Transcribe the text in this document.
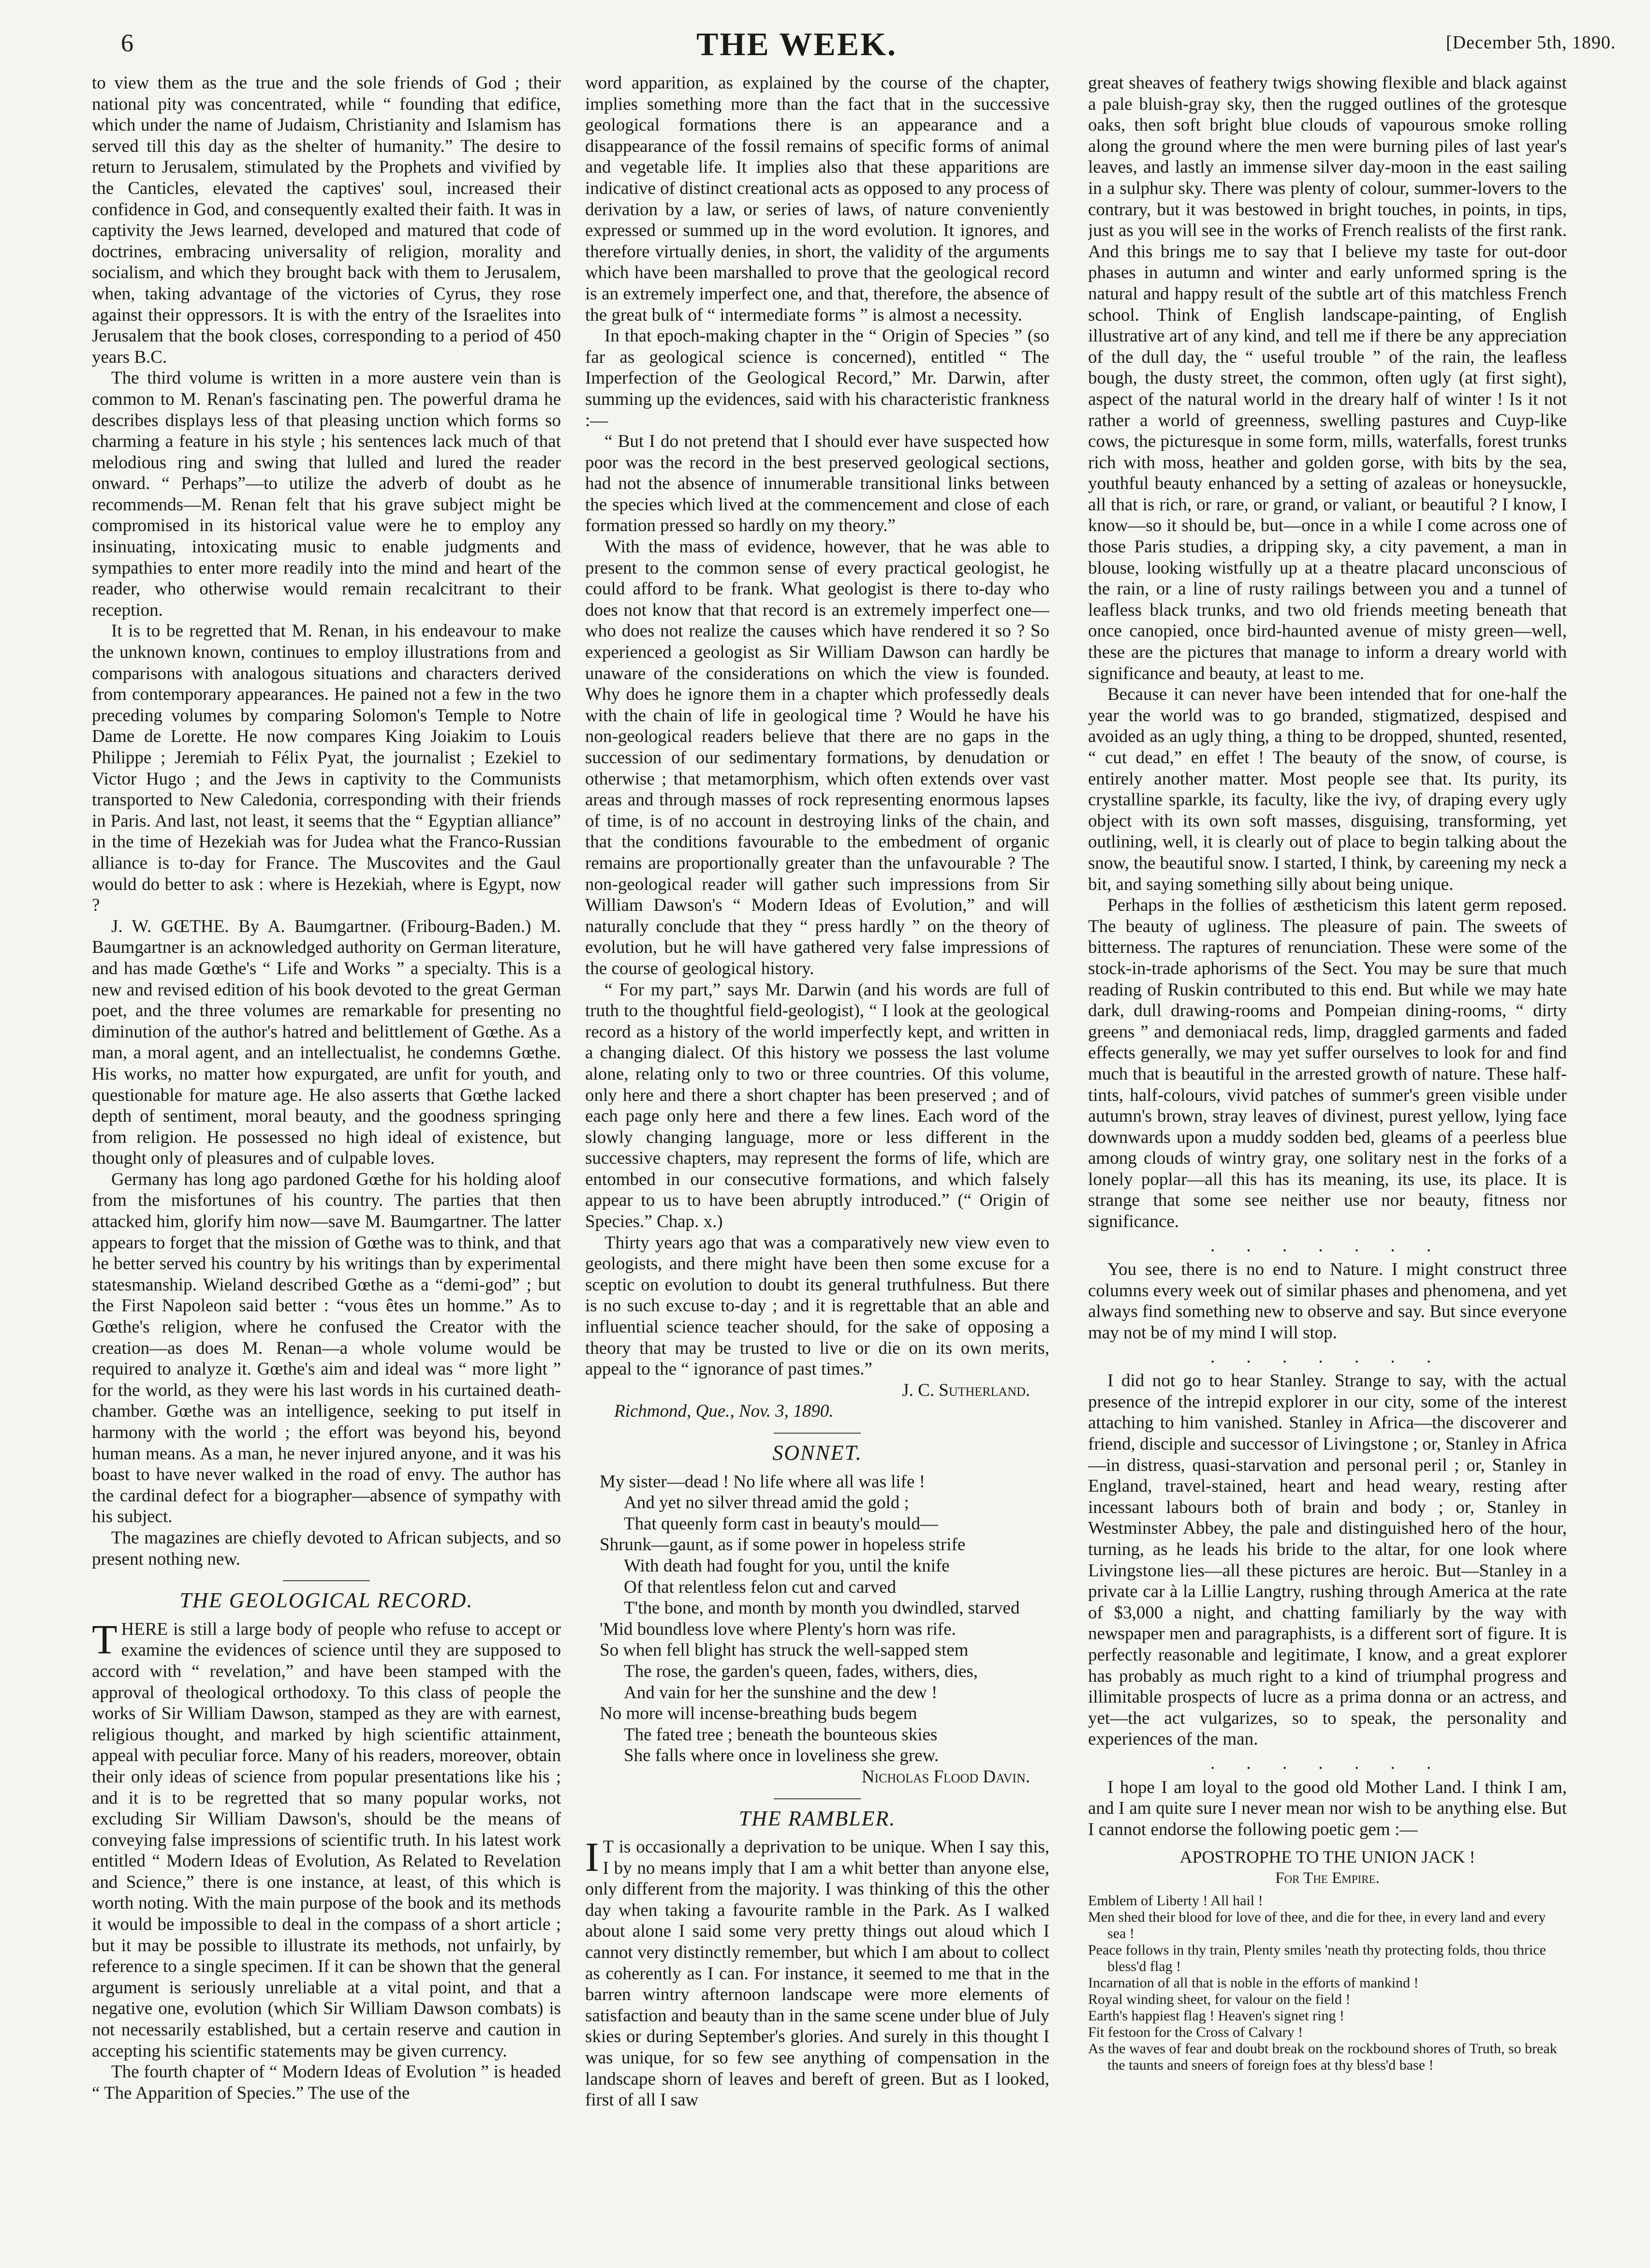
6	THE WEEK.	[December 5th, 1890.

to view them as the true and the sole friends of God ; their national pity was concentrated, while “ founding that edifice, which under the name of Judaism, Christianity and Islamism has served till this day as the shelter of humanity.” The desire to return to Jerusalem, stimulated by the Prophets and vivified by the Canticles, elevated the captives' soul, increased their confidence in God, and consequently exalted their faith. It was in captivity the Jews learned, developed and matured that code of doctrines, embracing universality of religion, morality and socialism, and which they brought back with them to Jerusalem, when, taking advantage of the victories of Cyrus, they rose against their oppressors. It is with the entry of the Israelites into Jerusalem that the book closes, corresponding to a period of 450 years B.C.

The third volume is written in a more austere vein than is common to M. Renan's fascinating pen. The powerful drama he describes displays less of that pleasing unction which forms so charming a feature in his style ; his sentences lack much of that melodious ring and swing that lulled and lured the reader onward. “ Perhaps”—to utilize the adverb of doubt as he recommends—M. Renan felt that his grave subject might be compromised in its historical value were he to employ any insinuating, intoxicating music to enable judgments and sympathies to enter more readily into the mind and heart of the reader, who otherwise would remain recalcitrant to their reception.

It is to be regretted that M. Renan, in his endeavour to make the unknown known, continues to employ illustrations from and comparisons with analogous situations and characters derived from contemporary appearances. He pained not a few in the two preceding volumes by comparing Solomon's Temple to Notre Dame de Lorette. He now compares King Joiakim to Louis Philippe ; Jeremiah to Félix Pyat, the journalist ; Ezekiel to Victor Hugo ; and the Jews in captivity to the Communists transported to New Caledonia, corresponding with their friends in Paris. And last, not least, it seems that the “ Egyptian alliance” in the time of Hezekiah was for Judea what the Franco-Russian alliance is to-day for France. The Muscovites and the Gaul would do better to ask : where is Hezekiah, where is Egypt, now ?

J. W. GŒTHE. By A. Baumgartner. (Fribourg-Baden.) M. Baumgartner is an acknowledged authority on German literature, and has made Gœthe's “ Life and Works ” a specialty. This is a new and revised edition of his book devoted to the great German poet, and the three volumes are remarkable for presenting no diminution of the author's hatred and belittlement of Gœthe. As a man, a moral agent, and an intellectualist, he condemns Gœthe. His works, no matter how expurgated, are unfit for youth, and questionable for mature age. He also asserts that Gœthe lacked depth of sentiment, moral beauty, and the goodness springing from religion. He possessed no high ideal of existence, but thought only of pleasures and of culpable loves.

Germany has long ago pardoned Gœthe for his holding aloof from the misfortunes of his country. The parties that then attacked him, glorify him now—save M. Baumgartner. The latter appears to forget that the mission of Gœthe was to think, and that he better served his country by his writings than by experimental statesmanship. Wieland described Gœthe as a “demi-god” ; but the First Napoleon said better : “vous êtes un homme.” As to Gœthe's religion, where he confused the Creator with the creation—as does M. Renan—a whole volume would be required to analyze it. Gœthe's aim and ideal was “ more light ” for the world, as they were his last words in his curtained death-chamber. Gœthe was an intelligence, seeking to put itself in harmony with the world ; the effort was beyond his, beyond human means. As a man, he never injured anyone, and it was his boast to have never walked in the road of envy. The author has the cardinal defect for a biographer—absence of sympathy with his subject.

The magazines are chiefly devoted to African subjects, and so present nothing new.

THE GEOLOGICAL RECORD.

THERE is still a large body of people who refuse to accept or examine the evidences of science until they are supposed to accord with “ revelation,” and have been stamped with the approval of theological orthodoxy. To this class of people the works of Sir William Dawson, stamped as they are with earnest, religious thought, and marked by high scientific attainment, appeal with peculiar force. Many of his readers, moreover, obtain their only ideas of science from popular presentations like his ; and it is to be regretted that so many popular works, not excluding Sir William Dawson's, should be the means of conveying false impressions of scientific truth. In his latest work entitled “ Modern Ideas of Evolution, As Related to Revelation and Science,” there is one instance, at least, of this which is worth noting. With the main purpose of the book and its methods it would be impossible to deal in the compass of a short article ; but it may be possible to illustrate its methods, not unfairly, by reference to a single specimen. If it can be shown that the general argument is seriously unreliable at a vital point, and that a negative one, evolution (which Sir William Dawson combats) is not necessarily established, but a certain reserve and caution in accepting his scientific statements may be given currency.

The fourth chapter of “ Modern Ideas of Evolution ” is headed “ The Apparition of Species.” The use of the

word apparition, as explained by the course of the chapter, implies something more than the fact that in the successive geological formations there is an appearance and a disappearance of the fossil remains of specific forms of animal and vegetable life. It implies also that these apparitions are indicative of distinct creational acts as opposed to any process of derivation by a law, or series of laws, of nature conveniently expressed or summed up in the word evolution. It ignores, and therefore virtually denies, in short, the validity of the arguments which have been marshalled to prove that the geological record is an extremely imperfect one, and that, therefore, the absence of the great bulk of “ intermediate forms ” is almost a necessity.

In that epoch-making chapter in the “ Origin of Species ” (so far as geological science is concerned), entitled “ The Imperfection of the Geological Record,” Mr. Darwin, after summing up the evidences, said with his characteristic frankness :—

“ But I do not pretend that I should ever have suspected how poor was the record in the best preserved geological sections, had not the absence of innumerable transitional links between the species which lived at the commencement and close of each formation pressed so hardly on my theory.”

With the mass of evidence, however, that he was able to present to the common sense of every practical geologist, he could afford to be frank. What geologist is there to-day who does not know that that record is an extremely imperfect one—who does not realize the causes which have rendered it so ? So experienced a geologist as Sir William Dawson can hardly be unaware of the considerations on which the view is founded. Why does he ignore them in a chapter which professedly deals with the chain of life in geological time ? Would he have his non-geological readers believe that there are no gaps in the succession of our sedimentary formations, by denudation or otherwise ; that metamorphism, which often extends over vast areas and through masses of rock representing enormous lapses of time, is of no account in destroying links of the chain, and that the conditions favourable to the embedment of organic remains are proportionally greater than the unfavourable ? The non-geological reader will gather such impressions from Sir William Dawson's “ Modern Ideas of Evolution,” and will naturally conclude that they “ press hardly ” on the theory of evolution, but he will have gathered very false impressions of the course of geological history.

“ For my part,” says Mr. Darwin (and his words are full of truth to the thoughtful field-geologist), “ I look at the geological record as a history of the world imperfectly kept, and written in a changing dialect. Of this history we possess the last volume alone, relating only to two or three countries. Of this volume, only here and there a short chapter has been preserved ; and of each page only here and there a few lines. Each word of the slowly changing language, more or less different in the successive chapters, may represent the forms of life, which are entombed in our consecutive formations, and which falsely appear to us to have been abruptly introduced.” (“ Origin of Species.” Chap. x.)

Thirty years ago that was a comparatively new view even to geologists, and there might have been then some excuse for a sceptic on evolution to doubt its general truthfulness. But there is no such excuse to-day ; and it is regrettable that an able and influential science teacher should, for the sake of opposing a theory that may be trusted to live or die on its own merits, appeal to the “ ignorance of past times.”

J. C. Sutherland.
Richmond, Que., Nov. 3, 1890.
SONNET.
My sister—dead ! No life where all was life !
And yet no silver thread amid the gold ;
That queenly form cast in beauty's mould—
Shrunk—gaunt, as if some power in hopeless strife
With death had fought for you, until the knife
Of that relentless felon cut and carved
T'the bone, and month by month you dwindled, starved
'Mid boundless love where Plenty's horn was rife.
So when fell blight has struck the well-sapped stem
The rose, the garden's queen, fades, withers, dies,
And vain for her the sunshine and the dew !
No more will incense-breathing buds begem
The fated tree ; beneath the bounteous skies
She falls where once in loveliness she grew.
Nicholas Flood Davin.
THE RAMBLER.

IT is occasionally a deprivation to be unique. When I say this, I by no means imply that I am a whit better than anyone else, only different from the majority. I was thinking of this the other day when taking a favourite ramble in the Park. As I walked about alone I said some very pretty things out aloud which I cannot very distinctly remember, but which I am about to collect as coherently as I can. For instance, it seemed to me that in the barren wintry afternoon landscape were more elements of satisfaction and beauty than in the same scene under blue of July skies or during September's glories. And surely in this thought I was unique, for so few see anything of compensation in the landscape shorn of leaves and bereft of green. But as I looked, first of all I saw

great sheaves of feathery twigs showing flexible and black against a pale bluish-gray sky, then the rugged outlines of the grotesque oaks, then soft bright blue clouds of vapourous smoke rolling along the ground where the men were burning piles of last year's leaves, and lastly an immense silver day-moon in the east sailing in a sulphur sky. There was plenty of colour, summer-lovers to the contrary, but it was bestowed in bright touches, in points, in tips, just as you will see in the works of French realists of the first rank. And this brings me to say that I believe my taste for out-door phases in autumn and winter and early unformed spring is the natural and happy result of the subtle art of this matchless French school. Think of English landscape-painting, of English illustrative art of any kind, and tell me if there be any appreciation of the dull day, the “ useful trouble ” of the rain, the leafless bough, the dusty street, the common, often ugly (at first sight), aspect of the natural world in the dreary half of winter ! Is it not rather a world of greenness, swelling pastures and Cuyp-like cows, the picturesque in some form, mills, waterfalls, forest trunks rich with moss, heather and golden gorse, with bits by the sea, youthful beauty enhanced by a setting of azaleas or honeysuckle, all that is rich, or rare, or grand, or valiant, or beautiful ? I know, I know—so it should be, but—once in a while I come across one of those Paris studies, a dripping sky, a city pavement, a man in blouse, looking wistfully up at a theatre placard unconscious of the rain, or a line of rusty railings between you and a tunnel of leafless black trunks, and two old friends meeting beneath that once canopied, once bird-haunted avenue of misty green—well, these are the pictures that manage to inform a dreary world with significance and beauty, at least to me.

Because it can never have been intended that for one-half the year the world was to go branded, stigmatized, despised and avoided as an ugly thing, a thing to be dropped, shunted, resented, “ cut dead,” en effet ! The beauty of the snow, of course, is entirely another matter. Most people see that. Its purity, its crystalline sparkle, its faculty, like the ivy, of draping every ugly object with its own soft masses, disguising, transforming, yet outlining, well, it is clearly out of place to begin talking about the snow, the beautiful snow. I started, I think, by careening my neck a bit, and saying something silly about being unique.

Perhaps in the follies of æstheticism this latent germ reposed. The beauty of ugliness. The pleasure of pain. The sweets of bitterness. The raptures of renunciation. These were some of the stock-in-trade aphorisms of the Sect. You may be sure that much reading of Ruskin contributed to this end. But while we may hate dark, dull drawing-rooms and Pompeian dining-rooms, “ dirty greens ” and demoniacal reds, limp, draggled garments and faded effects generally, we may yet suffer ourselves to look for and find much that is beautiful in the arrested growth of nature. These half-tints, half-colours, vivid patches of summer's green visible under autumn's brown, stray leaves of divinest, purest yellow, lying face downwards upon a muddy sodden bed, gleams of a peerless blue among clouds of wintry gray, one solitary nest in the forks of a lonely poplar—all this has its meaning, its use, its place. It is strange that some see neither use nor beauty, fitness nor significance.

. . . . . . .

You see, there is no end to Nature. I might construct three columns every week out of similar phases and phenomena, and yet always find something new to observe and say. But since everyone may not be of my mind I will stop.

. . . . . . .

I did not go to hear Stanley. Strange to say, with the actual presence of the intrepid explorer in our city, some of the interest attaching to him vanished. Stanley in Africa—the discoverer and friend, disciple and successor of Livingstone ; or, Stanley in Africa—in distress, quasi-starvation and personal peril ; or, Stanley in England, travel-stained, heart and head weary, resting after incessant labours both of brain and body ; or, Stanley in Westminster Abbey, the pale and distinguished hero of the hour, turning, as he leads his bride to the altar, for one look where Livingstone lies—all these pictures are heroic. But—Stanley in a private car à la Lillie Langtry, rushing through America at the rate of $3,000 a night, and chatting familiarly by the way with newspaper men and paragraphists, is a different sort of figure. It is perfectly reasonable and legitimate, I know, and a great explorer has probably as much right to a kind of triumphal progress and illimitable prospects of lucre as a prima donna or an actress, and yet—the act vulgarizes, so to speak, the personality and experiences of the man.

. . . . . . .

I hope I am loyal to the good old Mother Land. I think I am, and I am quite sure I never mean nor wish to be anything else. But I cannot endorse the following poetic gem :—

APOSTROPHE TO THE UNION JACK !
For The Empire.
Emblem of Liberty ! All hail !
Men shed their blood for love of thee, and die for thee, in every land and every sea !
Peace follows in thy train, Plenty smiles 'neath thy protecting folds, thou thrice bless'd flag !
Incarnation of all that is noble in the efforts of mankind !
Royal winding sheet, for valour on the field !
Earth's happiest flag ! Heaven's signet ring !
Fit festoon for the Cross of Calvary !
As the waves of fear and doubt break on the rockbound shores of Truth, so break the taunts and sneers of foreign foes at thy bless'd base !
